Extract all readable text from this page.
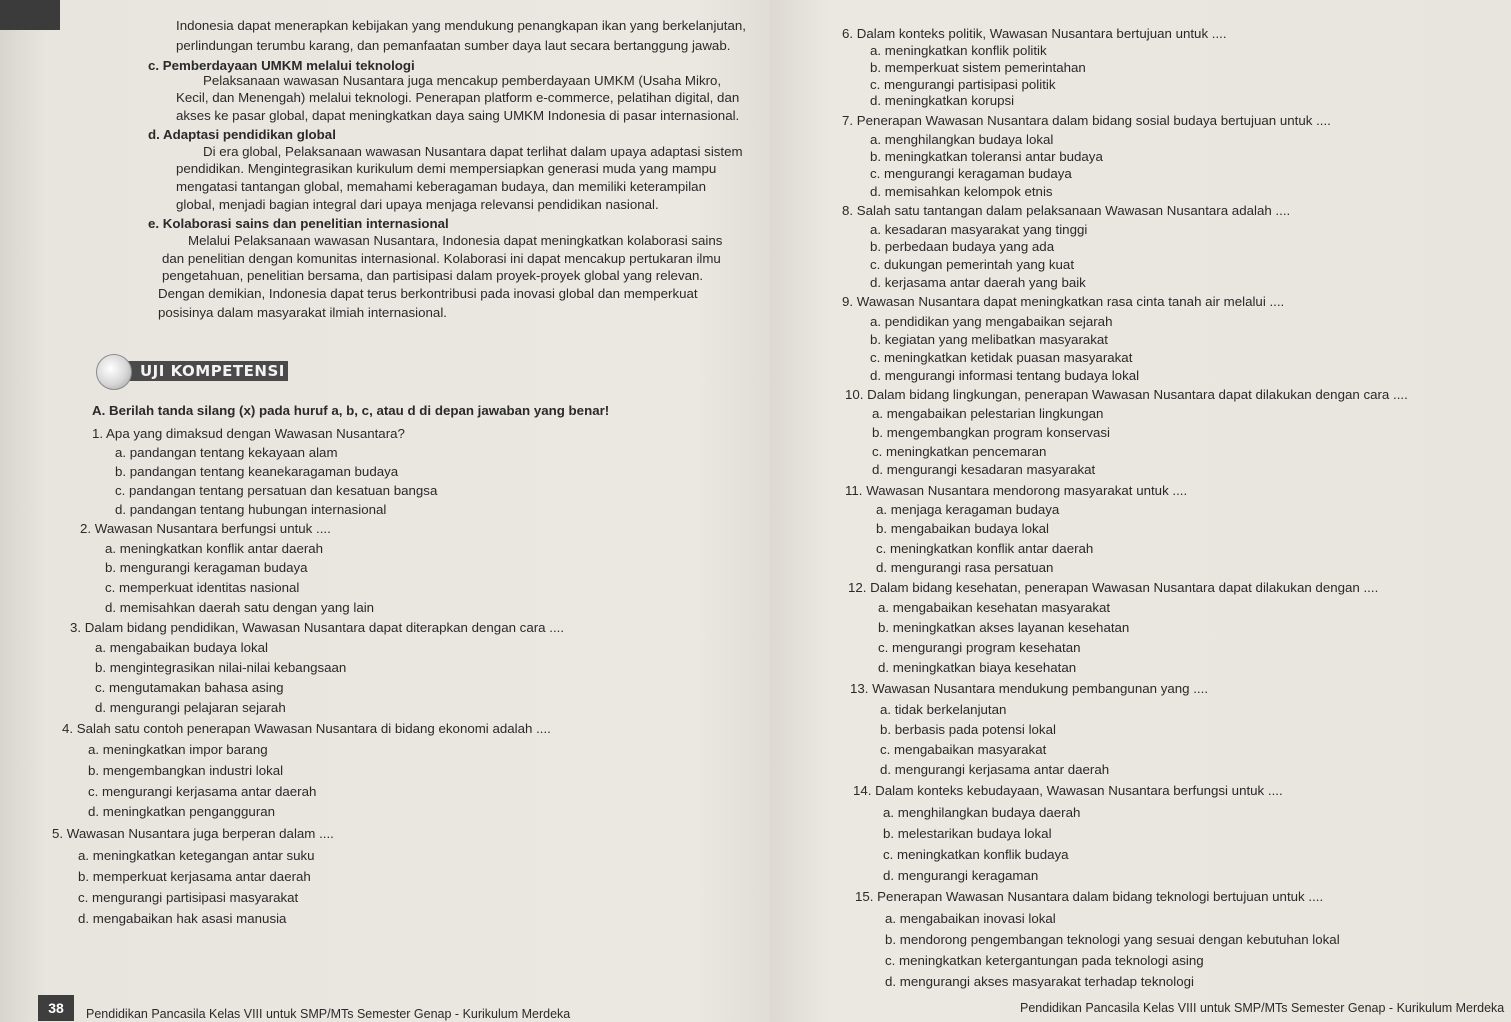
Indonesia dapat menerapkan kebijakan yang mendukung penangkapan ikan yang berkelanjutan,
perlindungan terumbu karang, dan pemanfaatan sumber daya laut secara bertanggung jawab.
c. Pemberdayaan UMKM melalui teknologi
Pelaksanaan wawasan Nusantara juga mencakup pemberdayaan UMKM (Usaha Mikro,
Kecil, dan Menengah) melalui teknologi. Penerapan platform e-commerce, pelatihan digital, dan
akses ke pasar global, dapat meningkatkan daya saing UMKM Indonesia di pasar internasional.
d. Adaptasi pendidikan global
Di era global, Pelaksanaan wawasan Nusantara dapat terlihat dalam upaya adaptasi sistem
pendidikan. Mengintegrasikan kurikulum demi mempersiapkan generasi muda yang mampu
mengatasi tantangan global, memahami keberagaman budaya, dan memiliki keterampilan
global, menjadi bagian integral dari upaya menjaga relevansi pendidikan nasional.
e. Kolaborasi sains dan penelitian internasional
Melalui Pelaksanaan wawasan Nusantara, Indonesia dapat meningkatkan kolaborasi sains
dan penelitian dengan komunitas internasional. Kolaborasi ini dapat mencakup pertukaran ilmu
pengetahuan, penelitian bersama, dan partisipasi dalam proyek-proyek global yang relevan.
Dengan demikian, Indonesia dapat terus berkontribusi pada inovasi global dan memperkuat
posisinya dalam masyarakat ilmiah internasional.
UJI KOMPETENSI
A. Berilah tanda silang (x) pada huruf a, b, c, atau d di depan jawaban yang benar!
1. Apa yang dimaksud dengan Wawasan Nusantara?
a. pandangan tentang kekayaan alam
b. pandangan tentang keanekaragaman budaya
c. pandangan tentang persatuan dan kesatuan bangsa
d. pandangan tentang hubungan internasional
2. Wawasan Nusantara berfungsi untuk ....
a. meningkatkan konflik antar daerah
b. mengurangi keragaman budaya
c. memperkuat identitas nasional
d. memisahkan daerah satu dengan yang lain
3. Dalam bidang pendidikan, Wawasan Nusantara dapat diterapkan dengan cara ....
a. mengabaikan budaya lokal
b. mengintegrasikan nilai-nilai kebangsaan
c. mengutamakan bahasa asing
d. mengurangi pelajaran sejarah
4. Salah satu contoh penerapan Wawasan Nusantara di bidang ekonomi adalah ....
a. meningkatkan impor barang
b. mengembangkan industri lokal
c. mengurangi kerjasama antar daerah
d. meningkatkan pengangguran
5. Wawasan Nusantara juga berperan dalam ....
a. meningkatkan ketegangan antar suku
b. memperkuat kerjasama antar daerah
c. mengurangi partisipasi masyarakat
d. mengabaikan hak asasi manusia
38	Pendidikan Pancasila Kelas VIII untuk SMP/MTs Semester Genap - Kurikulum Merdeka
6. Dalam konteks politik, Wawasan Nusantara bertujuan untuk ....
a. meningkatkan konflik politik
b. memperkuat sistem pemerintahan
c. mengurangi partisipasi politik
d. meningkatkan korupsi
7. Penerapan Wawasan Nusantara dalam bidang sosial budaya bertujuan untuk ....
a. menghilangkan budaya lokal
b. meningkatkan toleransi antar budaya
c. mengurangi keragaman budaya
d. memisahkan kelompok etnis
8. Salah satu tantangan dalam pelaksanaan Wawasan Nusantara adalah ....
a. kesadaran masyarakat yang tinggi
b. perbedaan budaya yang ada
c. dukungan pemerintah yang kuat
d. kerjasama antar daerah yang baik
9. Wawasan Nusantara dapat meningkatkan rasa cinta tanah air melalui ....
a. pendidikan yang mengabaikan sejarah
b. kegiatan yang melibatkan masyarakat
c. meningkatkan ketidak puasan masyarakat
d. mengurangi informasi tentang budaya lokal
10. Dalam bidang lingkungan, penerapan Wawasan Nusantara dapat dilakukan dengan cara ....
a. mengabaikan pelestarian lingkungan
b. mengembangkan program konservasi
c. meningkatkan pencemaran
d. mengurangi kesadaran masyarakat
11. Wawasan Nusantara mendorong masyarakat untuk ....
a. menjaga keragaman budaya
b. mengabaikan budaya lokal
c. meningkatkan konflik antar daerah
d. mengurangi rasa persatuan
12. Dalam bidang kesehatan, penerapan Wawasan Nusantara dapat dilakukan dengan ....
a. mengabaikan kesehatan masyarakat
b. meningkatkan akses layanan kesehatan
c. mengurangi program kesehatan
d. meningkatkan biaya kesehatan
13. Wawasan Nusantara mendukung pembangunan yang ....
a. tidak berkelanjutan
b. berbasis pada potensi lokal
c. mengabaikan masyarakat
d. mengurangi kerjasama antar daerah
14. Dalam konteks kebudayaan, Wawasan Nusantara berfungsi untuk ....
a. menghilangkan budaya daerah
b. melestarikan budaya lokal
c. meningkatkan konflik budaya
d. mengurangi keragaman
15. Penerapan Wawasan Nusantara dalam bidang teknologi bertujuan untuk ....
a. mengabaikan inovasi lokal
b. mendorong pengembangan teknologi yang sesuai dengan kebutuhan lokal
c. meningkatkan ketergantungan pada teknologi asing
d. mengurangi akses masyarakat terhadap teknologi
Pendidikan Pancasila Kelas VIII untuk SMP/MTs Semester Genap - Kurikulum Merdeka
